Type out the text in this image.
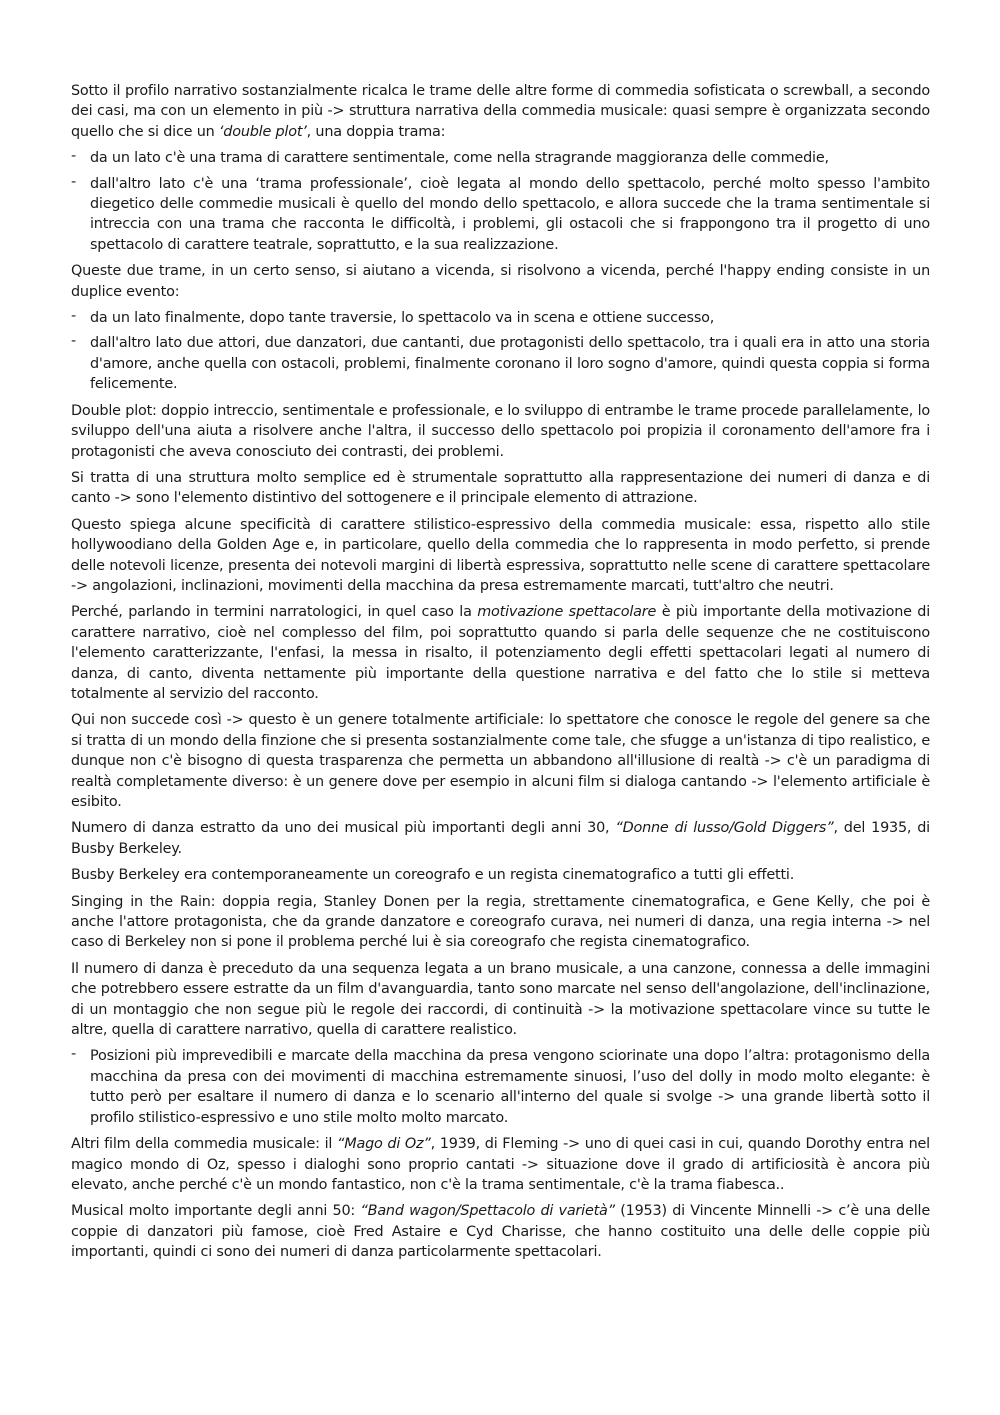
Sotto il profilo narrativo sostanzialmente ricalca le trame delle altre forme di commedia sofisticata o screwball, a secondo dei casi, ma con un elemento in più -> struttura narrativa della commedia musicale: quasi sempre è organizzata secondo quello che si dice un ‘double plot’, una doppia trama:

- da un lato c'è una trama di carattere sentimentale, come nella stragrande maggioranza delle commedie,
- dall'altro lato c'è una ‘trama professionale’, cioè legata al mondo dello spettacolo, perché molto spesso l'ambito diegetico delle commedie musicali è quello del mondo dello spettacolo, e allora succede che la trama sentimentale si intreccia con una trama che racconta le difficoltà, i problemi, gli ostacoli che si frappongono tra il progetto di uno spettacolo di carattere teatrale, soprattutto, e la sua realizzazione.

Queste due trame, in un certo senso, si aiutano a vicenda, si risolvono a vicenda, perché l'happy ending consiste in un duplice evento:

- da un lato finalmente, dopo tante traversie, lo spettacolo va in scena e ottiene successo,
- dall'altro lato due attori, due danzatori, due cantanti, due protagonisti dello spettacolo, tra i quali era in atto una storia d'amore, anche quella con ostacoli, problemi, finalmente coronano il loro sogno d'amore, quindi questa coppia si forma felicemente.

Double plot: doppio intreccio, sentimentale e professionale, e lo sviluppo di entrambe le trame procede parallelamente, lo sviluppo dell'una aiuta a risolvere anche l'altra, il successo dello spettacolo poi propizia il coronamento dell'amore fra i protagonisti che aveva conosciuto dei contrasti, dei problemi.

Si tratta di una struttura molto semplice ed è strumentale soprattutto alla rappresentazione dei numeri di danza e di canto -> sono l'elemento distintivo del sottogenere e il principale elemento di attrazione.

Questo spiega alcune specificità di carattere stilistico-espressivo della commedia musicale: essa, rispetto allo stile hollywoodiano della Golden Age e, in particolare, quello della commedia che lo rappresenta in modo perfetto, si prende delle notevoli licenze, presenta dei notevoli margini di libertà espressiva, soprattutto nelle scene di carattere spettacolare -> angolazioni, inclinazioni, movimenti della macchina da presa estremamente marcati, tutt'altro che neutri.

Perché, parlando in termini narratologici, in quel caso la motivazione spettacolare è più importante della motivazione di carattere narrativo, cioè nel complesso del film, poi soprattutto quando si parla delle sequenze che ne costituiscono l'elemento caratterizzante, l'enfasi, la messa in risalto, il potenziamento degli effetti spettacolari legati al numero di danza, di canto, diventa nettamente più importante della questione narrativa e del fatto che lo stile si metteva totalmente al servizio del racconto.

Qui non succede così -> questo è un genere totalmente artificiale: lo spettatore che conosce le regole del genere sa che si tratta di un mondo della finzione che si presenta sostanzialmente come tale, che sfugge a un'istanza di tipo realistico, e dunque non c'è bisogno di questa trasparenza che permetta un abbandono all'illusione di realtà -> c'è un paradigma di realtà completamente diverso: è un genere dove per esempio in alcuni film si dialoga cantando -> l'elemento artificiale è esibito.

Numero di danza estratto da uno dei musical più importanti degli anni 30, “Donne di lusso/Gold Diggers”, del 1935, di Busby Berkeley.

Busby Berkeley era contemporaneamente un coreografo e un regista cinematografico a tutti gli effetti.

Singing in the Rain: doppia regia, Stanley Donen per la regia, strettamente cinematografica, e Gene Kelly, che poi è anche l'attore protagonista, che da grande danzatore e coreografo curava, nei numeri di danza, una regia interna -> nel caso di Berkeley non si pone il problema perché lui è sia coreografo che regista cinematografico.

Il numero di danza è preceduto da una sequenza legata a un brano musicale, a una canzone, connessa a delle immagini che potrebbero essere estratte da un film d'avanguardia, tanto sono marcate nel senso dell'angolazione, dell'inclinazione, di un montaggio che non segue più le regole dei raccordi, di continuità -> la motivazione spettacolare vince su tutte le altre, quella di carattere narrativo, quella di carattere realistico.

- Posizioni più imprevedibili e marcate della macchina da presa vengono sciorinate una dopo l’altra: protagonismo della macchina da presa con dei movimenti di macchina estremamente sinuosi, l’uso del dolly in modo molto elegante: è tutto però per esaltare il numero di danza e lo scenario all'interno del quale si svolge -> una grande libertà sotto il profilo stilistico-espressivo e uno stile molto molto marcato.

Altri film della commedia musicale: il “Mago di Oz”, 1939, di Fleming -> uno di quei casi in cui, quando Dorothy entra nel magico mondo di Oz, spesso i dialoghi sono proprio cantati -> situazione dove il grado di artificiosità è ancora più elevato, anche perché c'è un mondo fantastico, non c'è la trama sentimentale, c'è la trama fiabesca..

Musical molto importante degli anni 50: “Band wagon/Spettacolo di varietà” (1953) di Vincente Minnelli -> c’è una delle coppie di danzatori più famose, cioè Fred Astaire e Cyd Charisse, che hanno costituito una delle delle coppie più importanti, quindi ci sono dei numeri di danza particolarmente spettacolari.
